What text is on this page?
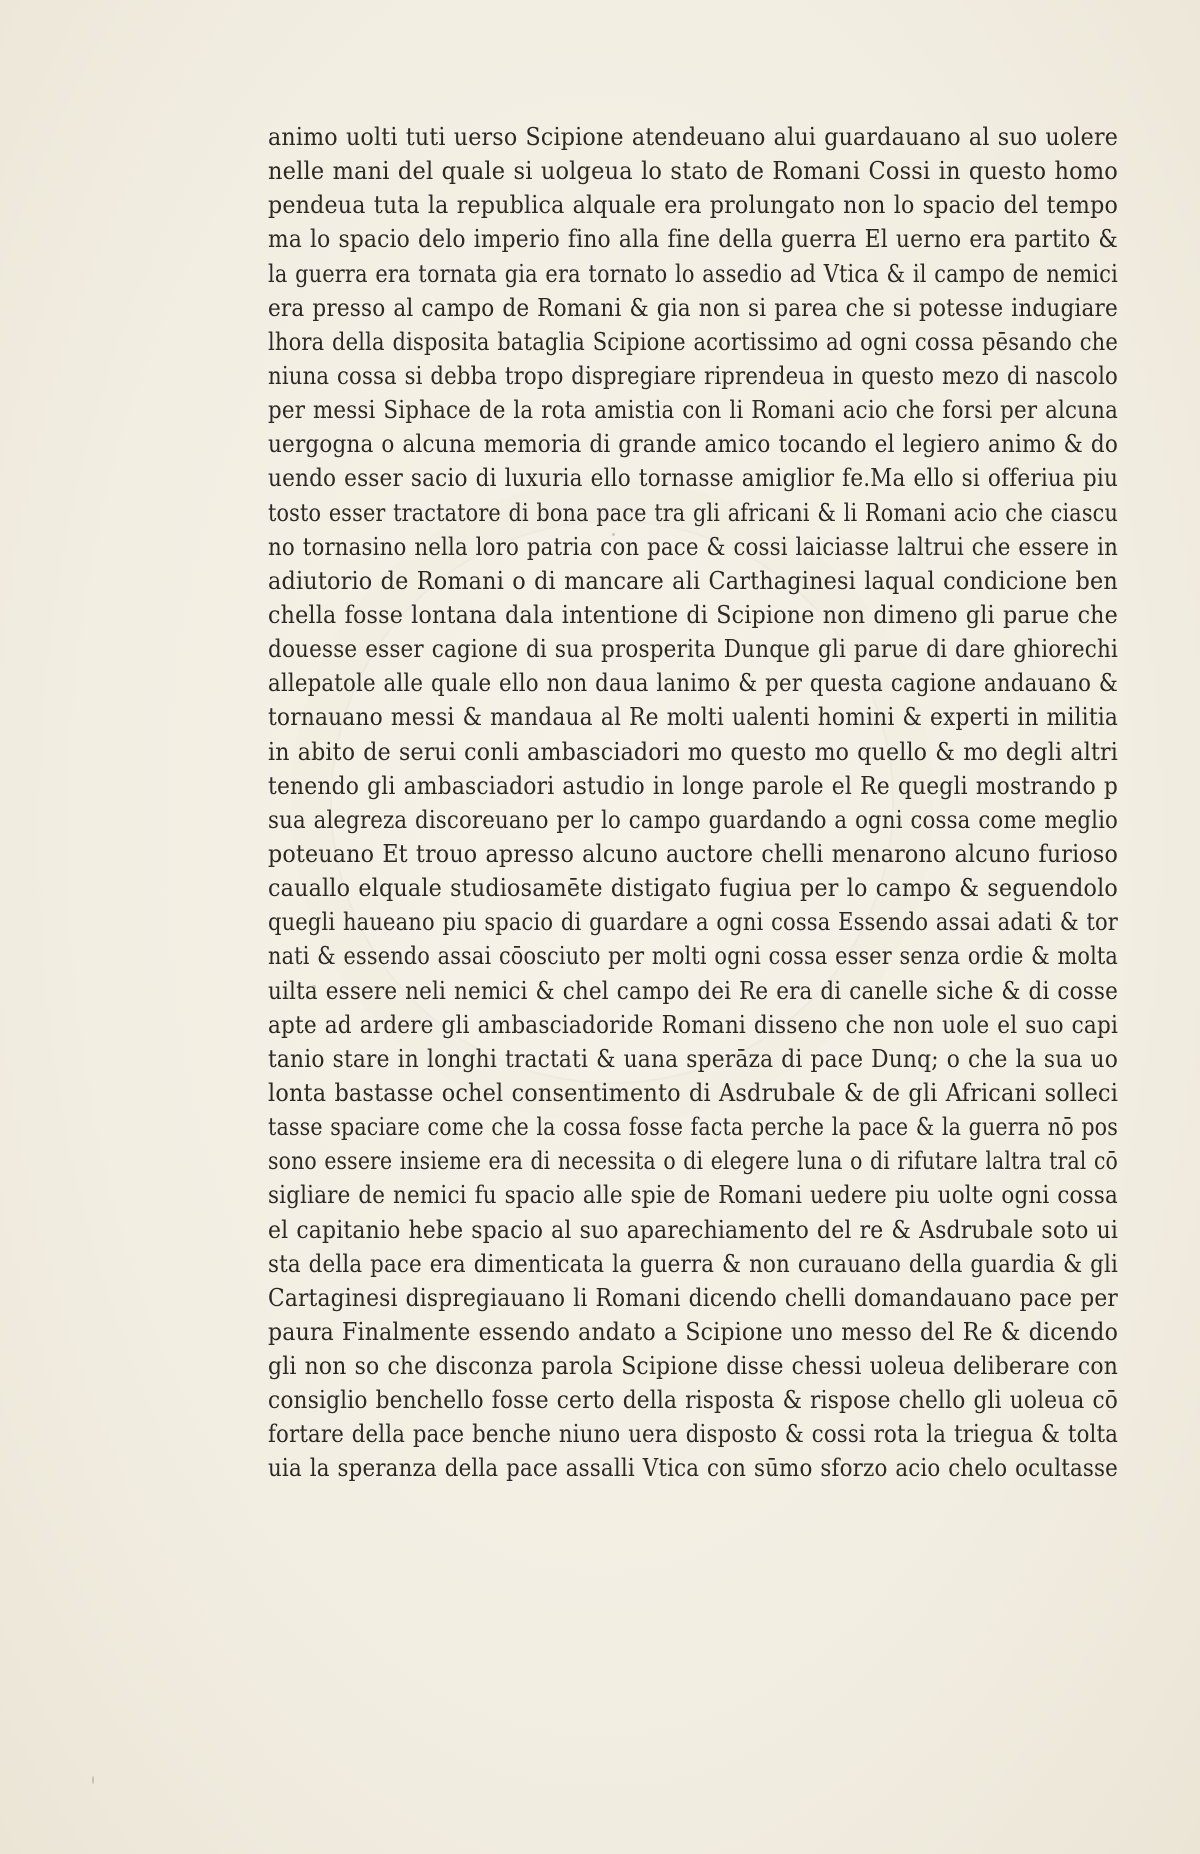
animo uolti tuti uerso Scipione atendeuano alui guardauano al suo uolere
nelle mani del quale si uolgeua lo stato de Romani Cossi in questo homo
pendeua tuta la republica alquale era prolungato non lo spacio del tempo
ma lo spacio delo imperio fino alla fine della guerra El uerno era partito &
la guerra era tornata gia era tornato lo assedio ad Vtica & il campo de nemici
era presso al campo de Romani & gia non si parea che si potesse indugiare
lhora della disposita bataglia Scipione acortissimo ad ogni cossa pēsando che
niuna cossa si debba tropo dispregiare riprendeua in questo mezo di nascolo
per messi Siphace de la rota amistia con li Romani acio che forsi per alcuna
uergogna o alcuna memoria di grande amico tocando el legiero animo & do
uendo esser sacio di luxuria ello tornasse amiglior fe.Ma ello si offeriua piu
tosto esser tractatore di bona pace tra gli africani & li Romani acio che ciascu
no tornasino nella loro patria con pace & cossi laiciasse laltrui che essere in
adiutorio de Romani o di mancare ali Carthaginesi laqual condicione ben
chella fosse lontana dala intentione di Scipione non dimeno gli parue che
douesse esser cagione di sua prosperita Dunque gli parue di dare ghiorechi
allepatole alle quale ello non daua lanimo & per questa cagione andauano &
tornauano messi & mandaua al Re molti ualenti homini & experti in militia
in abito de serui conli ambasciadori mo questo mo quello & mo degli altri
tenendo gli ambasciadori astudio in longe parole el Re quegli mostrando p
sua alegreza discoreuano per lo campo guardando a ogni cossa come meglio
poteuano Et trouo apresso alcuno auctore chelli menarono alcuno furioso
cauallo elquale studiosamēte distigato fugiua per lo campo & seguendolo
quegli haueano piu spacio di guardare a ogni cossa Essendo assai adati & tor
nati & essendo assai cōosciuto per molti ogni cossa esser senza ordie & molta
uilta essere neli nemici & chel campo dei Re era di canelle siche & di cosse
apte ad ardere gli ambasciadoride Romani disseno che non uole el suo capi
tanio stare in longhi tractati & uana sperāza di pace Dunq; o che la sua uo
lonta bastasse ochel consentimento di Asdrubale & de gli Africani solleci
tasse spaciare come che la cossa fosse facta perche la pace & la guerra nō pos
sono essere insieme era di necessita o di elegere luna o di rifutare laltra tral cō
sigliare de nemici fu spacio alle spie de Romani uedere piu uolte ogni cossa
el capitanio hebe spacio al suo aparechiamento del re & Asdrubale soto ui
sta della pace era dimenticata la guerra & non curauano della guardia & gli
Cartaginesi dispregiauano li Romani dicendo chelli domandauano pace per
paura Finalmente essendo andato a Scipione uno messo del Re & dicendo
gli non so che disconza parola Scipione disse chessi uoleua deliberare con
consiglio benchello fosse certo della risposta & rispose chello gli uoleua cō
fortare della pace benche niuno uera disposto & cossi rota la triegua & tolta
uia la speranza della pace assalli Vtica con sūmo sforzo acio chelo ocultasse
